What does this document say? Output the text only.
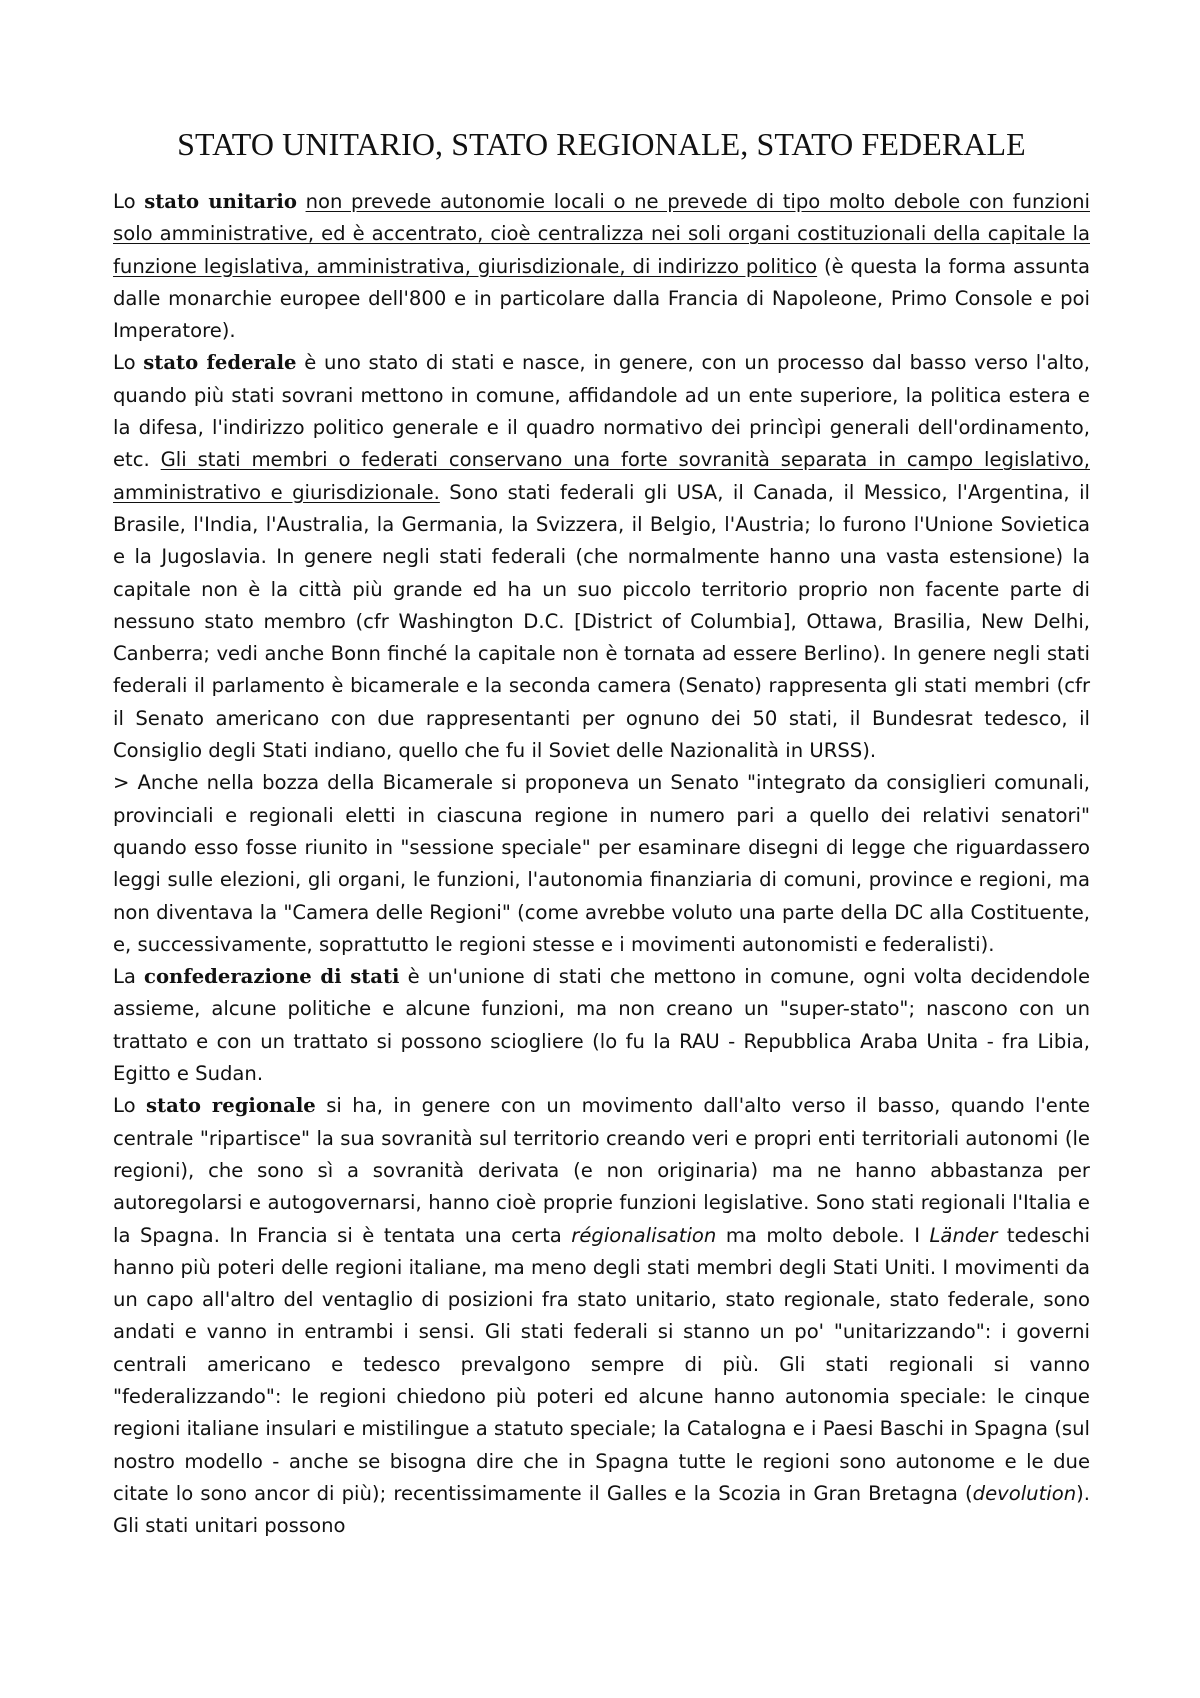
STATO UNITARIO, STATO REGIONALE, STATO FEDERALE

Lo stato unitario non prevede autonomie locali o ne prevede di tipo molto debole con funzioni solo amministrative, ed è accentrato, cioè centralizza nei soli organi costituzionali della capitale la funzione legislativa, amministrativa, giurisdizionale, di indirizzo politico (è questa la forma assunta dalle monarchie europee dell'800 e in particolare dalla Francia di Napoleone, Primo Console e poi Imperatore).

Lo stato federale è uno stato di stati e nasce, in genere, con un processo dal basso verso l'alto, quando più stati sovrani mettono in comune, affidandole ad un ente superiore, la politica estera e la difesa, l'indirizzo politico generale e il quadro normativo dei princìpi generali dell'ordinamento, etc. Gli stati membri o federati conservano una forte sovranità separata in campo legislativo, amministrativo e giurisdizionale. Sono stati federali gli USA, il Canada, il Messico, l'Argentina, il Brasile, l'India, l'Australia, la Germania, la Svizzera, il Belgio, l'Austria; lo furono l'Unione Sovietica e la Jugoslavia. In genere negli stati federali (che normalmente hanno una vasta estensione) la capitale non è la città più grande ed ha un suo piccolo territorio proprio non facente parte di nessuno stato membro (cfr Washington D.C. [District of Columbia], Ottawa, Brasilia, New Delhi, Canberra; vedi anche Bonn finché la capitale non è tornata ad essere Berlino). In genere negli stati federali il parlamento è bicamerale e la seconda camera (Senato) rappresenta gli stati membri (cfr il Senato americano con due rappresentanti per ognuno dei 50 stati, il Bundesrat tedesco, il Consiglio degli Stati indiano, quello che fu il Soviet delle Nazionalità in URSS).

> Anche nella bozza della Bicamerale si proponeva un Senato "integrato da consiglieri comunali, provinciali e regionali eletti in ciascuna regione in numero pari a quello dei relativi senatori" quando esso fosse riunito in "sessione speciale" per esaminare disegni di legge che riguardassero leggi sulle elezioni, gli organi, le funzioni, l'autonomia finanziaria di comuni, province e regioni, ma non diventava la "Camera delle Regioni" (come avrebbe voluto una parte della DC alla Costituente, e, successivamente, soprattutto le regioni stesse e i movimenti autonomisti e federalisti).

La confederazione di stati è un'unione di stati che mettono in comune, ogni volta decidendole assieme, alcune politiche e alcune funzioni, ma non creano un "super-stato"; nascono con un trattato e con un trattato si possono sciogliere (lo fu la RAU - Repubblica Araba Unita - fra Libia, Egitto e Sudan.

Lo stato regionale si ha, in genere con un movimento dall'alto verso il basso, quando l'ente centrale "ripartisce" la sua sovranità sul territorio creando veri e propri enti territoriali autonomi (le regioni), che sono sì a sovranità derivata (e non originaria) ma ne hanno abbastanza per autoregolarsi e autogovernarsi, hanno cioè proprie funzioni legislative. Sono stati regionali l'Italia e la Spagna. In Francia si è tentata una certa régionalisation ma molto debole. I Länder tedeschi hanno più poteri delle regioni italiane, ma meno degli stati membri degli Stati Uniti. I movimenti da un capo all'altro del ventaglio di posizioni fra stato unitario, stato regionale, stato federale, sono andati e vanno in entrambi i sensi. Gli stati federali si stanno un po' "unitarizzando": i governi centrali americano e tedesco prevalgono sempre di più. Gli stati regionali si vanno "federalizzando": le regioni chiedono più poteri ed alcune hanno autonomia speciale: le cinque regioni italiane insulari e mistilingue a statuto speciale; la Catalogna e i Paesi Baschi in Spagna (sul nostro modello - anche se bisogna dire che in Spagna tutte le regioni sono autonome e le due citate lo sono ancor di più); recentissimamente il Galles e la Scozia in Gran Bretagna (devolution). Gli stati unitari possono
